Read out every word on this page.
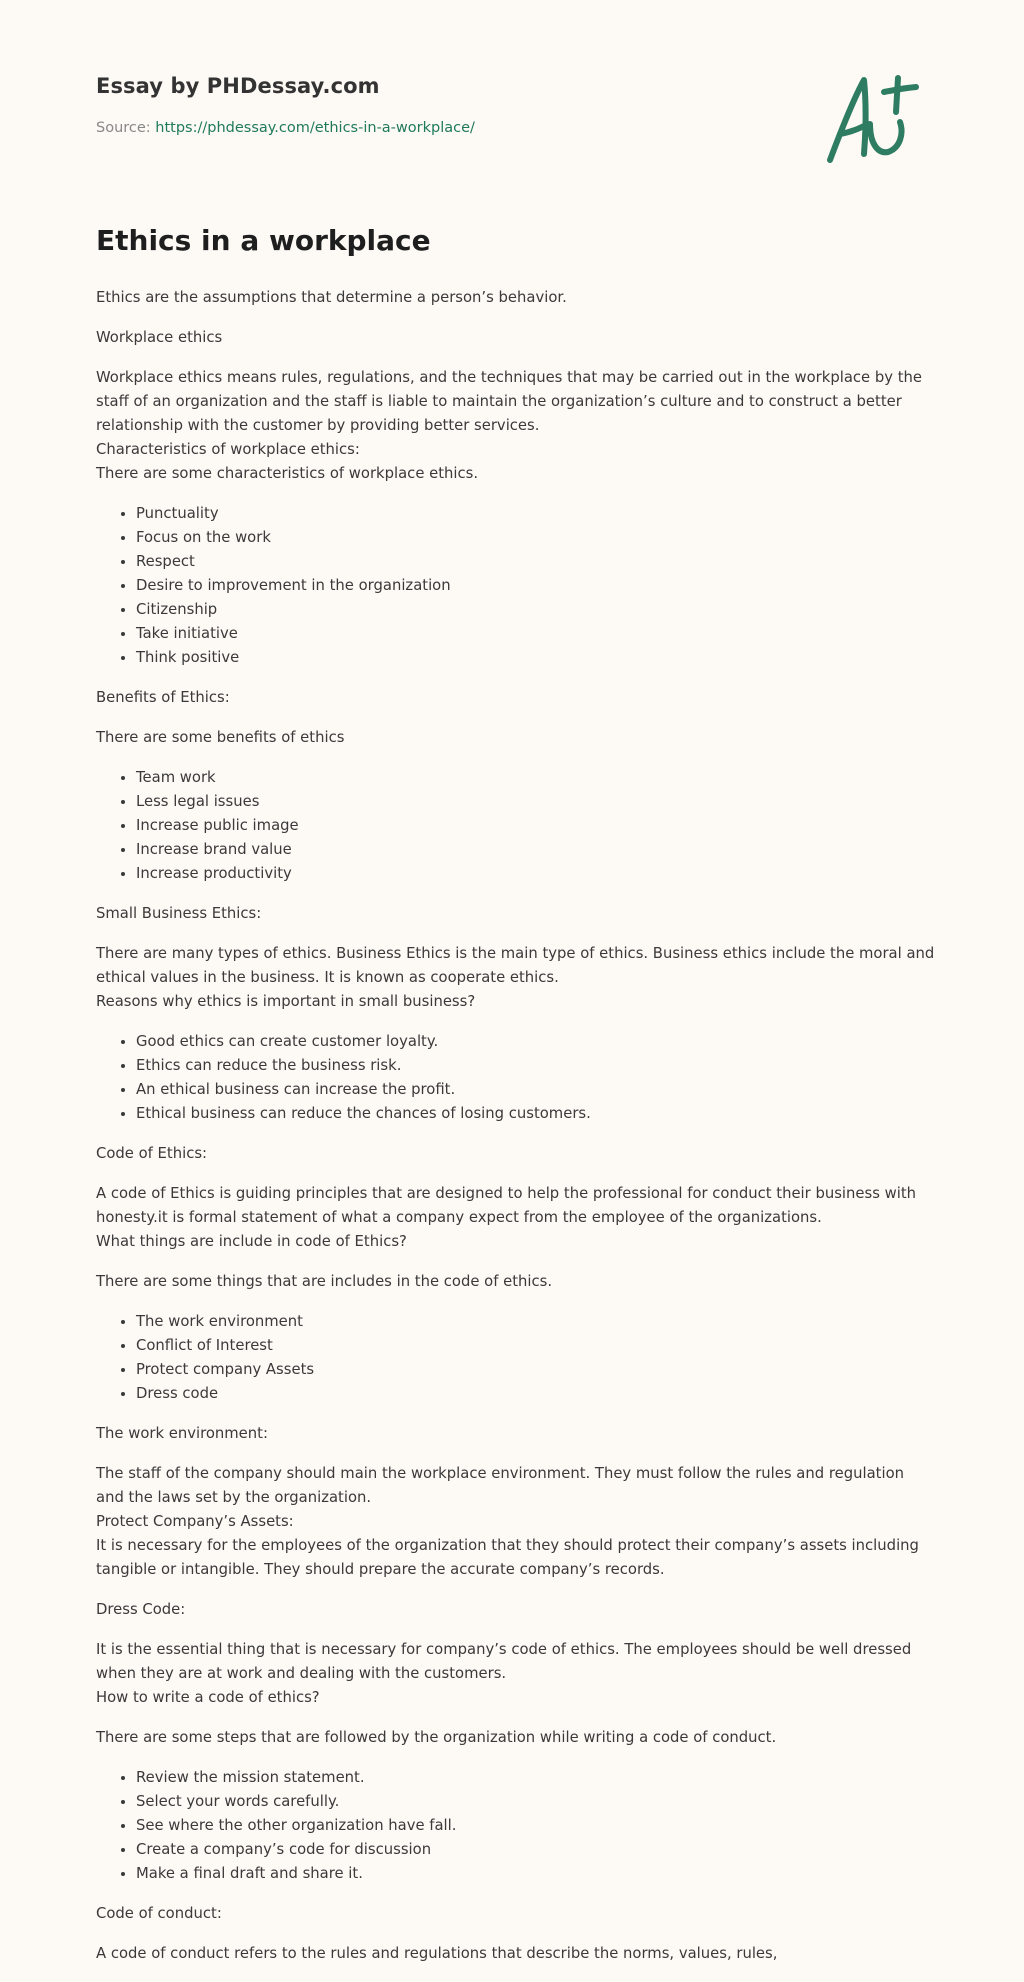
Essay by PHDessay.com
Source: https://phdessay.com/ethics-in-a-workplace/
Ethics in a workplace

Ethics are the assumptions that determine a person’s behavior.

Workplace ethics

Workplace ethics means rules, regulations, and the techniques that may be carried out in the workplace by the staff of an organization and the staff is liable to maintain the organization’s culture and to construct a better relationship with the customer by providing better services.
Characteristics of workplace ethics:
There are some characteristics of workplace ethics.

• Punctuality
• Focus on the work
• Respect
• Desire to improvement in the organization
• Citizenship
• Take initiative
• Think positive

Benefits of Ethics:

There are some benefits of ethics

• Team work
• Less legal issues
• Increase public image
• Increase brand value
• Increase productivity

Small Business Ethics:

There are many types of ethics. Business Ethics is the main type of ethics. Business ethics include the moral and ethical values in the business. It is known as cooperate ethics.
Reasons why ethics is important in small business?

• Good ethics can create customer loyalty.
• Ethics can reduce the business risk.
• An ethical business can increase the profit.
• Ethical business can reduce the chances of losing customers.

Code of Ethics:

A code of Ethics is guiding principles that are designed to help the professional for conduct their business with honesty.it is formal statement of what a company expect from the employee of the organizations.
What things are include in code of Ethics?

There are some things that are includes in the code of ethics.

• The work environment
• Conflict of Interest
• Protect company Assets
• Dress code

The work environment:

The staff of the company should main the workplace environment. They must follow the rules and regulation and the laws set by the organization.
Protect Company’s Assets:
It is necessary for the employees of the organization that they should protect their company’s assets including tangible or intangible. They should prepare the accurate company’s records.

Dress Code:

It is the essential thing that is necessary for company’s code of ethics. The employees should be well dressed when they are at work and dealing with the customers.
How to write a code of ethics?

There are some steps that are followed by the organization while writing a code of conduct.

• Review the mission statement.
• Select your words carefully.
• See where the other organization have fall.
• Create a company’s code for discussion
• Make a final draft and share it.

Code of conduct:

A code of conduct refers to the rules and regulations that describe the norms, values, rules,
